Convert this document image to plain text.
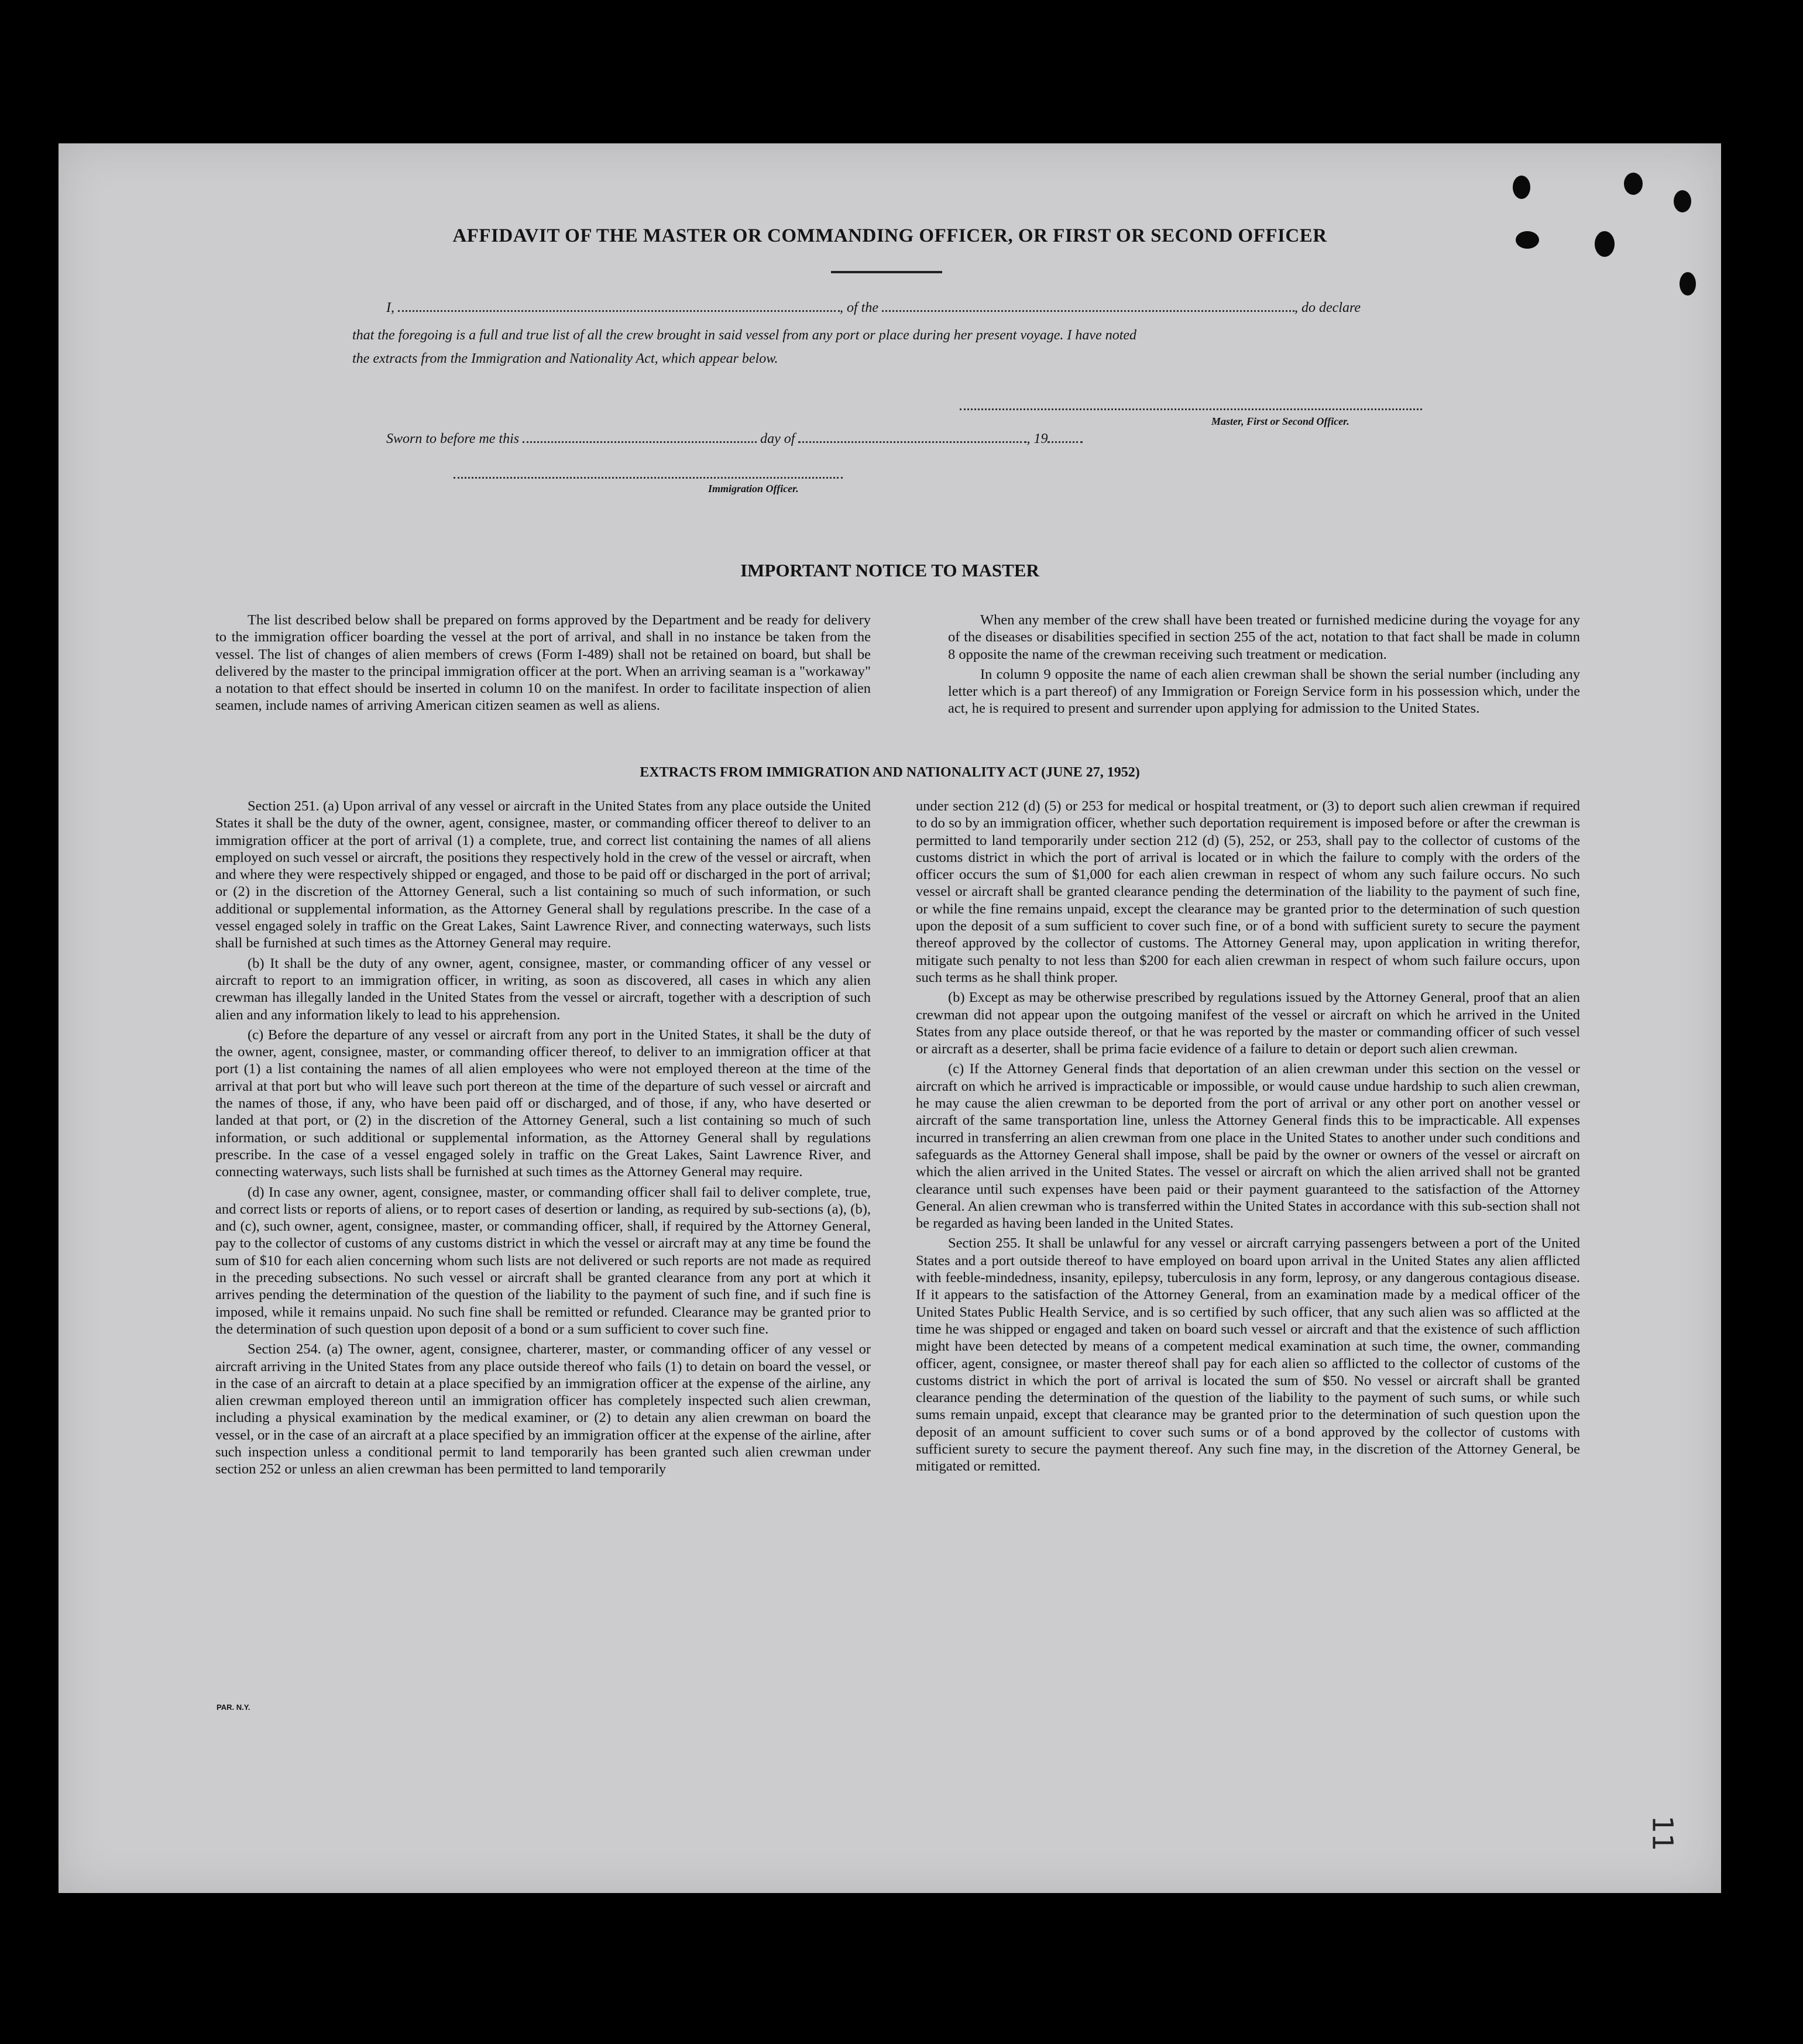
AFFIDAVIT OF THE MASTER OR COMMANDING OFFICER, OR FIRST OR SECOND OFFICER
I,	, of the	, do declare
that the foregoing is a full and true list of all the crew brought in said vessel from any port or place during her present voyage. I have noted
the extracts from the Immigration and Nationality Act, which appear below.
Master, First or Second Officer.
Sworn to before me this	day of	, 19
Immigration Officer.
IMPORTANT NOTICE TO MASTER

The list described below shall be prepared on forms approved by the Department and be ready for delivery to the immigration officer boarding the vessel at the port of arrival, and shall in no instance be taken from the vessel. The list of changes of alien members of crews (Form I-489) shall not be retained on board, but shall be delivered by the master to the principal immigration officer at the port. When an arriving seaman is a "workaway" a notation to that effect should be inserted in column 10 on the manifest. In order to facilitate inspection of alien seamen, include names of arriving American citizen seamen as well as aliens.

When any member of the crew shall have been treated or furnished medicine during the voyage for any of the diseases or disabilities specified in section 255 of the act, notation to that fact shall be made in column 8 opposite the name of the crewman receiving such treatment or medication.

In column 9 opposite the name of each alien crewman shall be shown the serial number (including any letter which is a part thereof) of any Immigration or Foreign Service form in his possession which, under the act, he is required to present and surrender upon applying for admission to the United States.

EXTRACTS FROM IMMIGRATION AND NATIONALITY ACT (JUNE 27, 1952)

Section 251. (a) Upon arrival of any vessel or aircraft in the United States from any place outside the United States it shall be the duty of the owner, agent, consignee, master, or commanding officer thereof to deliver to an immigration officer at the port of arrival (1) a complete, true, and correct list containing the names of all aliens employed on such vessel or aircraft, the positions they respectively hold in the crew of the vessel or aircraft, when and where they were respectively shipped or engaged, and those to be paid off or discharged in the port of arrival; or (2) in the discretion of the Attorney General, such a list containing so much of such information, or such additional or supplemental information, as the Attorney General shall by regulations prescribe. In the case of a vessel engaged solely in traffic on the Great Lakes, Saint Lawrence River, and connecting waterways, such lists shall be furnished at such times as the Attorney General may require.

(b) It shall be the duty of any owner, agent, consignee, master, or commanding officer of any vessel or aircraft to report to an immigration officer, in writing, as soon as discovered, all cases in which any alien crewman has illegally landed in the United States from the vessel or aircraft, together with a description of such alien and any information likely to lead to his apprehension.

(c) Before the departure of any vessel or aircraft from any port in the United States, it shall be the duty of the owner, agent, consignee, master, or commanding officer thereof, to deliver to an immigration officer at that port (1) a list containing the names of all alien employees who were not employed thereon at the time of the arrival at that port but who will leave such port thereon at the time of the departure of such vessel or aircraft and the names of those, if any, who have been paid off or discharged, and of those, if any, who have deserted or landed at that port, or (2) in the discretion of the Attorney General, such a list containing so much of such information, or such additional or supplemental information, as the Attorney General shall by regulations prescribe. In the case of a vessel engaged solely in traffic on the Great Lakes, Saint Lawrence River, and connecting waterways, such lists shall be furnished at such times as the Attorney General may require.

(d) In case any owner, agent, consignee, master, or commanding officer shall fail to deliver complete, true, and correct lists or reports of aliens, or to report cases of desertion or landing, as required by sub-sections (a), (b), and (c), such owner, agent, consignee, master, or commanding officer, shall, if required by the Attorney General, pay to the collector of customs of any customs district in which the vessel or aircraft may at any time be found the sum of $10 for each alien concerning whom such lists are not delivered or such reports are not made as required in the preceding subsections. No such vessel or aircraft shall be granted clearance from any port at which it arrives pending the determination of the question of the liability to the payment of such fine, and if such fine is imposed, while it remains unpaid. No such fine shall be remitted or refunded. Clearance may be granted prior to the determination of such question upon deposit of a bond or a sum sufficient to cover such fine.

Section 254. (a) The owner, agent, consignee, charterer, master, or commanding officer of any vessel or aircraft arriving in the United States from any place outside thereof who fails (1) to detain on board the vessel, or in the case of an aircraft to detain at a place specified by an immigration officer at the expense of the airline, any alien crewman employed thereon until an immigration officer has completely inspected such alien crewman, including a physical examination by the medical examiner, or (2) to detain any alien crewman on board the vessel, or in the case of an aircraft at a place specified by an immigration officer at the expense of the airline, after such inspection unless a conditional permit to land temporarily has been granted such alien crewman under section 252 or unless an alien crewman has been permitted to land temporarily

under section 212 (d) (5) or 253 for medical or hospital treatment, or (3) to deport such alien crewman if required to do so by an immigration officer, whether such deportation requirement is imposed before or after the crewman is permitted to land temporarily under section 212 (d) (5), 252, or 253, shall pay to the collector of customs of the customs district in which the port of arrival is located or in which the failure to comply with the orders of the officer occurs the sum of $1,000 for each alien crewman in respect of whom any such failure occurs. No such vessel or aircraft shall be granted clearance pending the determination of the liability to the payment of such fine, or while the fine remains unpaid, except the clearance may be granted prior to the determination of such question upon the deposit of a sum sufficient to cover such fine, or of a bond with sufficient surety to secure the payment thereof approved by the collector of customs. The Attorney General may, upon application in writing therefor, mitigate such penalty to not less than $200 for each alien crewman in respect of whom such failure occurs, upon such terms as he shall think proper.

(b) Except as may be otherwise prescribed by regulations issued by the Attorney General, proof that an alien crewman did not appear upon the outgoing manifest of the vessel or aircraft on which he arrived in the United States from any place outside thereof, or that he was reported by the master or commanding officer of such vessel or aircraft as a deserter, shall be prima facie evidence of a failure to detain or deport such alien crewman.

(c) If the Attorney General finds that deportation of an alien crewman under this section on the vessel or aircraft on which he arrived is impracticable or impossible, or would cause undue hardship to such alien crewman, he may cause the alien crewman to be deported from the port of arrival or any other port on another vessel or aircraft of the same transportation line, unless the Attorney General finds this to be impracticable. All expenses incurred in transferring an alien crewman from one place in the United States to another under such conditions and safeguards as the Attorney General shall impose, shall be paid by the owner or owners of the vessel or aircraft on which the alien arrived in the United States. The vessel or aircraft on which the alien arrived shall not be granted clearance until such expenses have been paid or their payment guaranteed to the satisfaction of the Attorney General. An alien crewman who is transferred within the United States in accordance with this sub-section shall not be regarded as having been landed in the United States.

Section 255. It shall be unlawful for any vessel or aircraft carrying passengers between a port of the United States and a port outside thereof to have employed on board upon arrival in the United States any alien afflicted with feeble-mindedness, insanity, epilepsy, tuberculosis in any form, leprosy, or any dangerous contagious disease. If it appears to the satisfaction of the Attorney General, from an examination made by a medical officer of the United States Public Health Service, and is so certified by such officer, that any such alien was so afflicted at the time he was shipped or engaged and taken on board such vessel or aircraft and that the existence of such affliction might have been detected by means of a competent medical examination at such time, the owner, commanding officer, agent, consignee, or master thereof shall pay for each alien so afflicted to the collector of customs of the customs district in which the port of arrival is located the sum of $50. No vessel or aircraft shall be granted clearance pending the determination of the question of the liability to the payment of such sums, or while such sums remain unpaid, except that clearance may be granted prior to the determination of such question upon the deposit of an amount sufficient to cover such sums or of a bond approved by the collector of customs with sufficient surety to secure the payment thereof. Any such fine may, in the discretion of the Attorney General, be mitigated or remitted.

PAR. N.Y.
11
